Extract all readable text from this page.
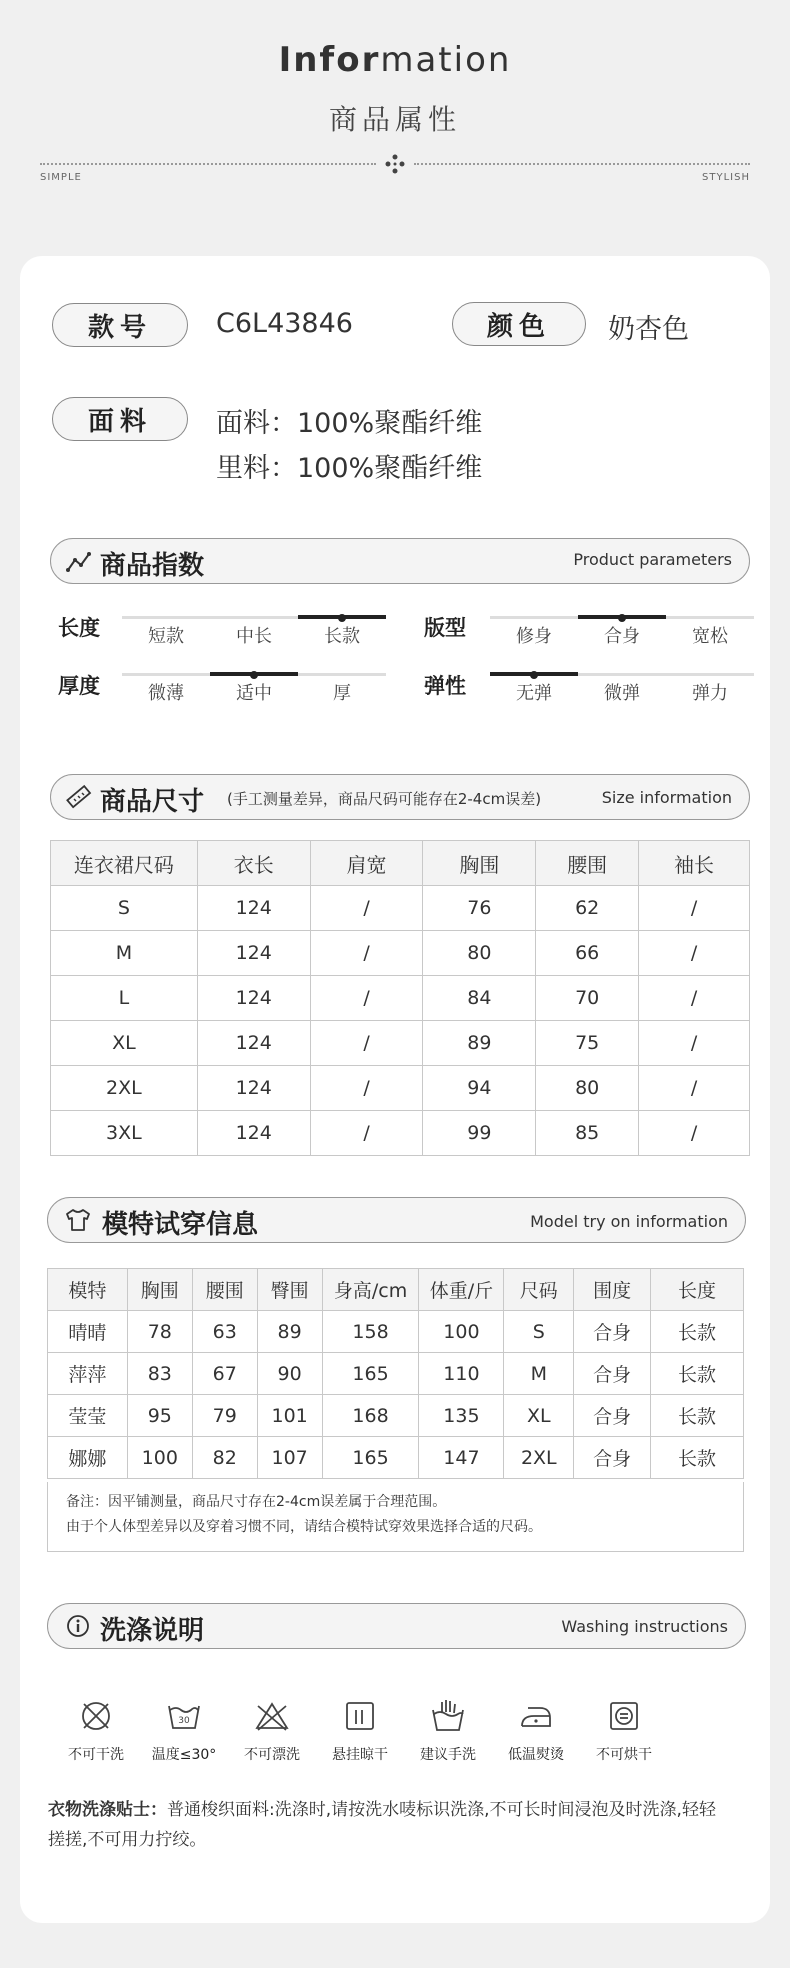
Information
商品属性
SIMPLE	STYLISH
款号	C6L43846	颜色	奶杏色
面料	面料：100%聚酯纤维
里料：100%聚酯纤维
商品指数	Product parameters
商品尺寸 (手工测量差异，商品尺码可能存在2-4cm误差)	Size information
连衣裙尺码	衣长	肩宽	胸围	腰围	袖长
S	124	/	76	62	/
M	124	/	80	66	/
L	124	/	84	70	/
XL	124	/	89	75	/
2XL	124	/	94	80	/
3XL	124	/	99	85	/
模特试穿信息	Model try on information
模特	胸围	腰围	臀围	身高/cm	体重/斤	尺码	围度	长度
晴晴	78	63	89	158	100	S	合身	长款
萍萍	83	67	90	165	110	M	合身	长款
莹莹	95	79	101	168	135	XL	合身	长款
娜娜	100	82	107	165	147	2XL	合身	长款
备注：因平铺测量，商品尺寸存在2-4cm误差属于合理范围。
由于个人体型差异以及穿着习惯不同，请结合模特试穿效果选择合适的尺码。
洗涤说明	Washing instructions
不可干洗
30
温度≤30°	不可漂洗	悬挂晾干	建议手洗	低温熨烫	不可烘干
衣物洗涤贴士：普通梭织面料:洗涤时,请按洗水唛标识洗涤,不可长时间浸泡及时洗涤,轻轻
搓搓,不可用力拧绞。
长度	短款	中长	长款	版型	修身	合身	宽松
厚度	微薄	适中	厚	弹性	无弹	微弹	弹力
